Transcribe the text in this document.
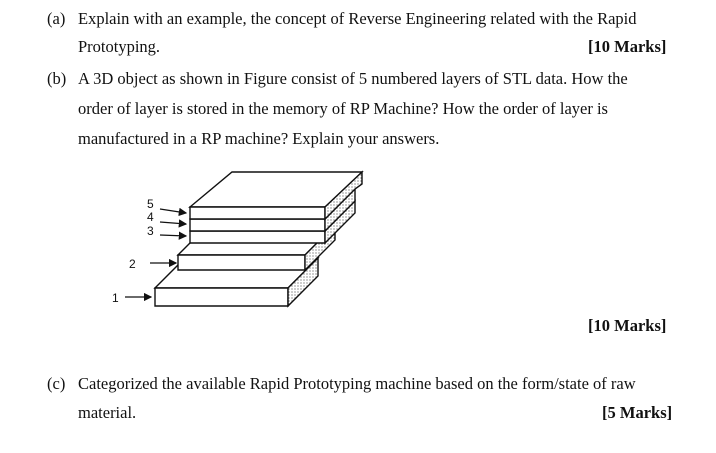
(a) Explain with an example, the concept of Reverse Engineering related with the Rapid
Prototyping.	[10 Marks]
(b) A 3D object as shown in Figure consist of 5 numbered layers of STL data. How the
order of layer is stored in the memory of RP Machine? How the order of layer is
manufactured in a RP machine? Explain your answers.
5
4
3
2
1
[10 Marks]
(c) Categorized the available Rapid Prototyping machine based on the form/state of raw
material.	[5 Marks]
